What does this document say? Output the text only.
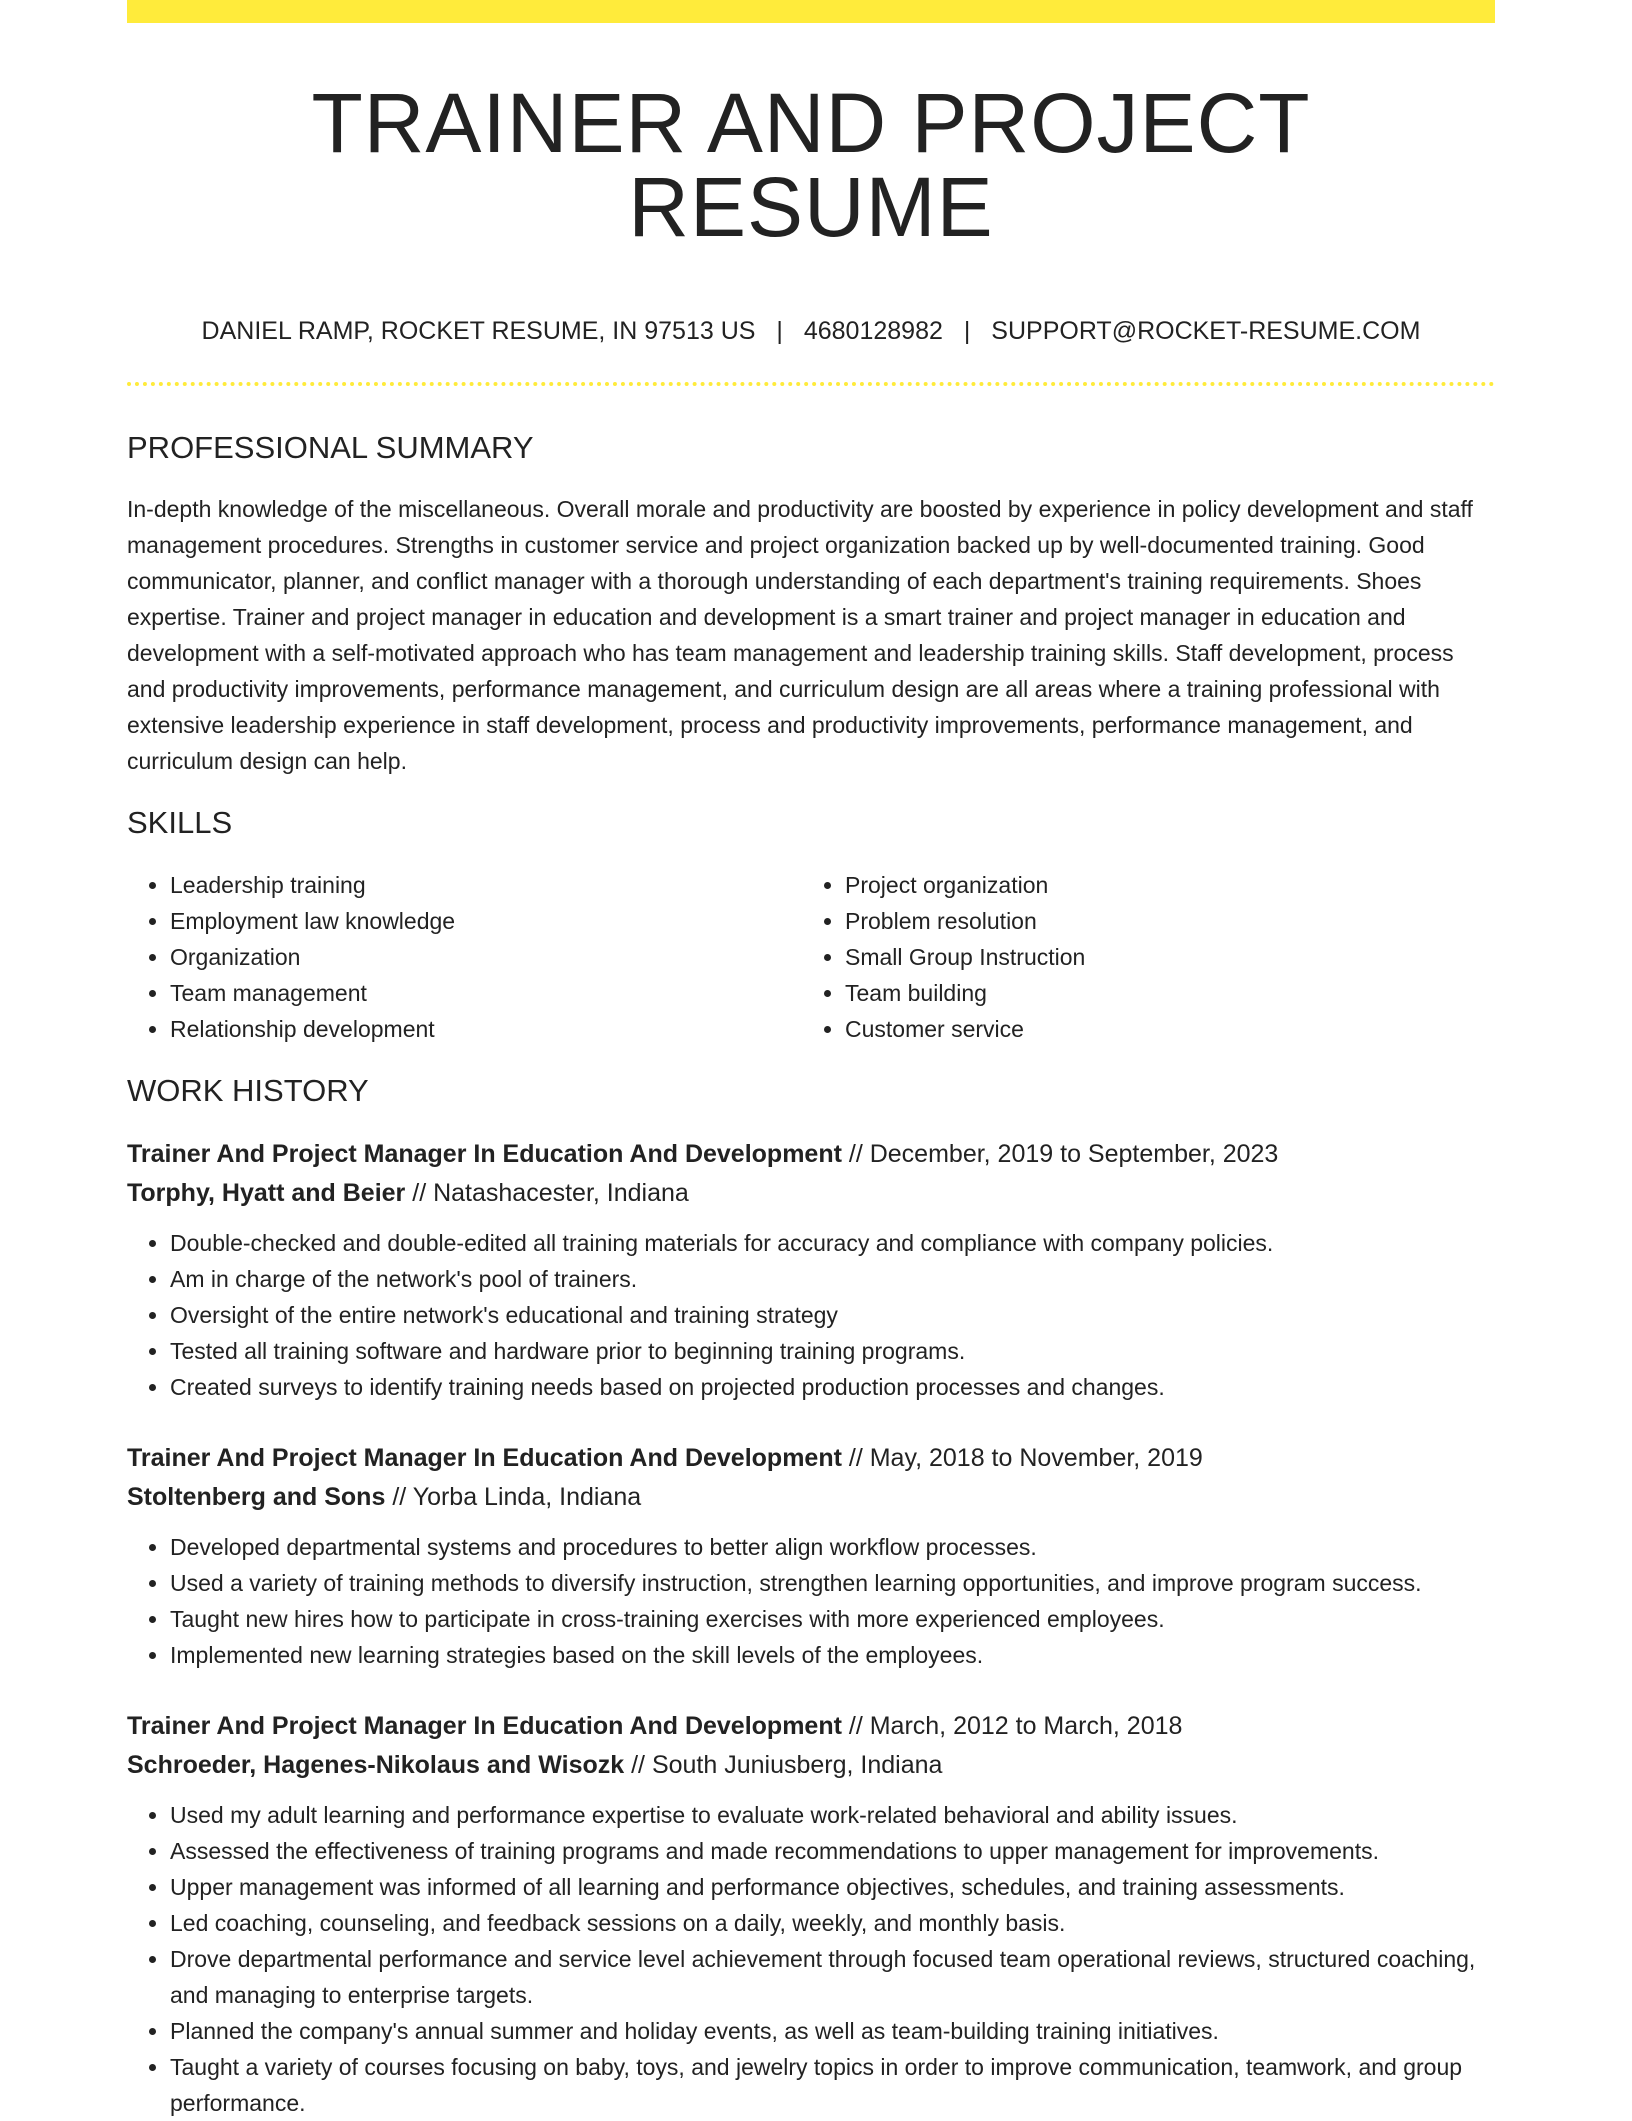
TRAINER AND PROJECT RESUME
DANIEL RAMP, ROCKET RESUME, IN 97513 US | 4680128982 | SUPPORT@ROCKET-RESUME.COM
PROFESSIONAL SUMMARY

In-depth knowledge of the miscellaneous. Overall morale and productivity are boosted by experience in policy development and staff management procedures. Strengths in customer service and project organization backed up by well-documented training. Good communicator, planner, and conflict manager with a thorough understanding of each department's training requirements. Shoes expertise. Trainer and project manager in education and development is a smart trainer and project manager in education and development with a self-motivated approach who has team management and leadership training skills. Staff development, process and productivity improvements, performance management, and curriculum design are all areas where a training professional with extensive leadership experience in staff development, process and productivity improvements, performance management, and curriculum design can help.

SKILLS
• Leadership training
• Employment law knowledge
• Organization
• Team management
• Relationship development
• Project organization
• Problem resolution
• Small Group Instruction
• Team building
• Customer service
WORK HISTORY
Trainer And Project Manager In Education And Development // December, 2019 to September, 2023
Torphy, Hyatt and Beier // Natashacester, Indiana
• Double-checked and double-edited all training materials for accuracy and compliance with company policies.
• Am in charge of the network's pool of trainers.
• Oversight of the entire network's educational and training strategy
• Tested all training software and hardware prior to beginning training programs.
• Created surveys to identify training needs based on projected production processes and changes.
Trainer And Project Manager In Education And Development // May, 2018 to November, 2019
Stoltenberg and Sons // Yorba Linda, Indiana
• Developed departmental systems and procedures to better align workflow processes.
• Used a variety of training methods to diversify instruction, strengthen learning opportunities, and improve program success.
• Taught new hires how to participate in cross-training exercises with more experienced employees.
• Implemented new learning strategies based on the skill levels of the employees.
Trainer And Project Manager In Education And Development // March, 2012 to March, 2018
Schroeder, Hagenes-Nikolaus and Wisozk // South Juniusberg, Indiana
• Used my adult learning and performance expertise to evaluate work-related behavioral and ability issues.
• Assessed the effectiveness of training programs and made recommendations to upper management for improvements.
• Upper management was informed of all learning and performance objectives, schedules, and training assessments.
• Led coaching, counseling, and feedback sessions on a daily, weekly, and monthly basis.
• Drove departmental performance and service level achievement through focused team operational reviews, structured coaching, and managing to enterprise targets.
• Planned the company's annual summer and holiday events, as well as team-building training initiatives.
• Taught a variety of courses focusing on baby, toys, and jewelry topics in order to improve communication, teamwork, and group performance.
